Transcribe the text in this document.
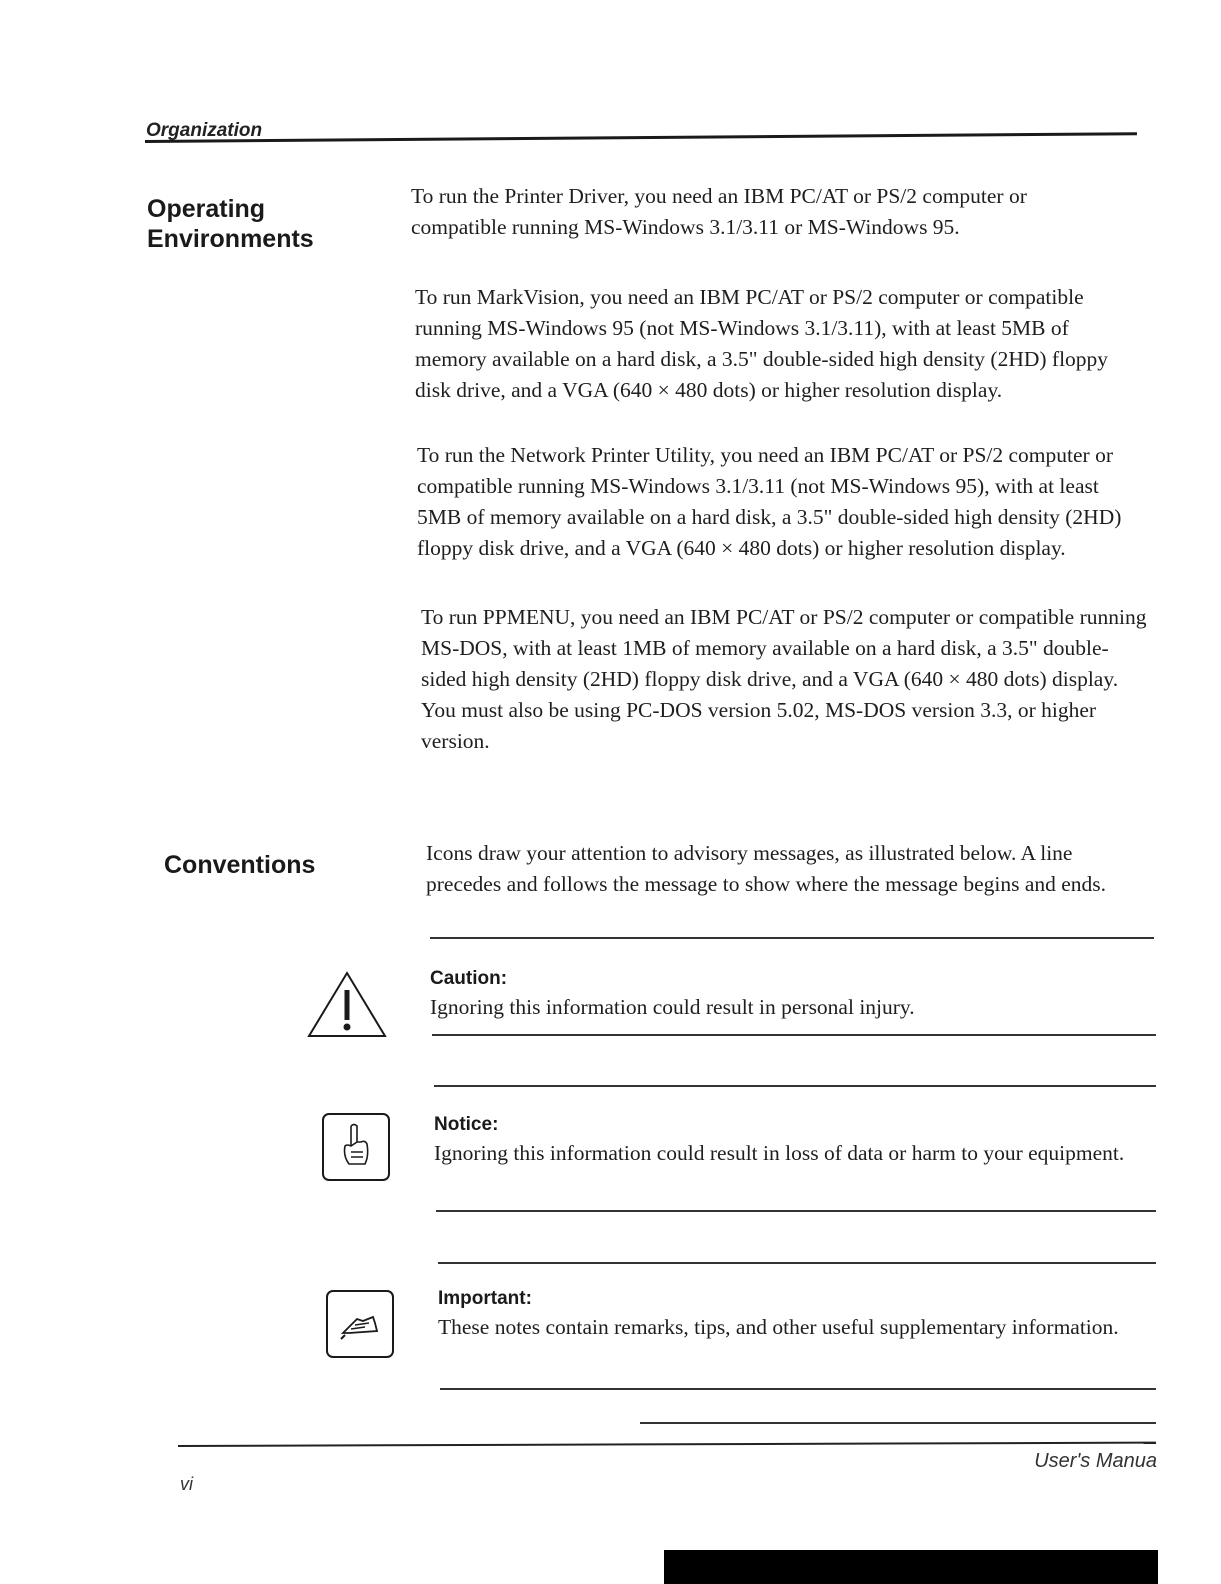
Organization
Operating
Environments

To run the Printer Driver, you need an IBM PC/AT or PS/2 computer or compatible running MS-Windows 3.1/3.11 or MS-Windows 95.

To run MarkVision, you need an IBM PC/AT or PS/2 computer or compatible running MS-Windows 95 (not MS-Windows 3.1/3.11), with at least 5MB of memory available on a hard disk, a 3.5" double-sided high density (2HD) floppy disk drive, and a VGA (640 × 480 dots) or higher resolution display.

To run the Network Printer Utility, you need an IBM PC/AT or PS/2 computer or compatible running MS-Windows 3.1/3.11 (not MS-Windows 95), with at least 5MB of memory available on a hard disk, a 3.5" double-sided high density (2HD) floppy disk drive, and a VGA (640 × 480 dots) or higher resolution display.

To run PPMENU, you need an IBM PC/AT or PS/2 computer or compatible running MS-DOS, with at least 1MB of memory available on a hard disk, a 3.5" double-sided high density (2HD) floppy disk drive, and a VGA (640 × 480 dots) display. You must also be using PC-DOS version 5.02, MS-DOS version 3.3, or higher version.

Conventions	Icons draw your attention to advisory messages, as illustrated below. A line precedes and follows the message to show where the message begins and ends.

Caution:
Ignoring this information could result in personal injury.
Notice:
Ignoring this information could result in loss of data or harm to your equipment.
Important:
These notes contain remarks, tips, and other useful supplementary information.
User's Manua
vi
